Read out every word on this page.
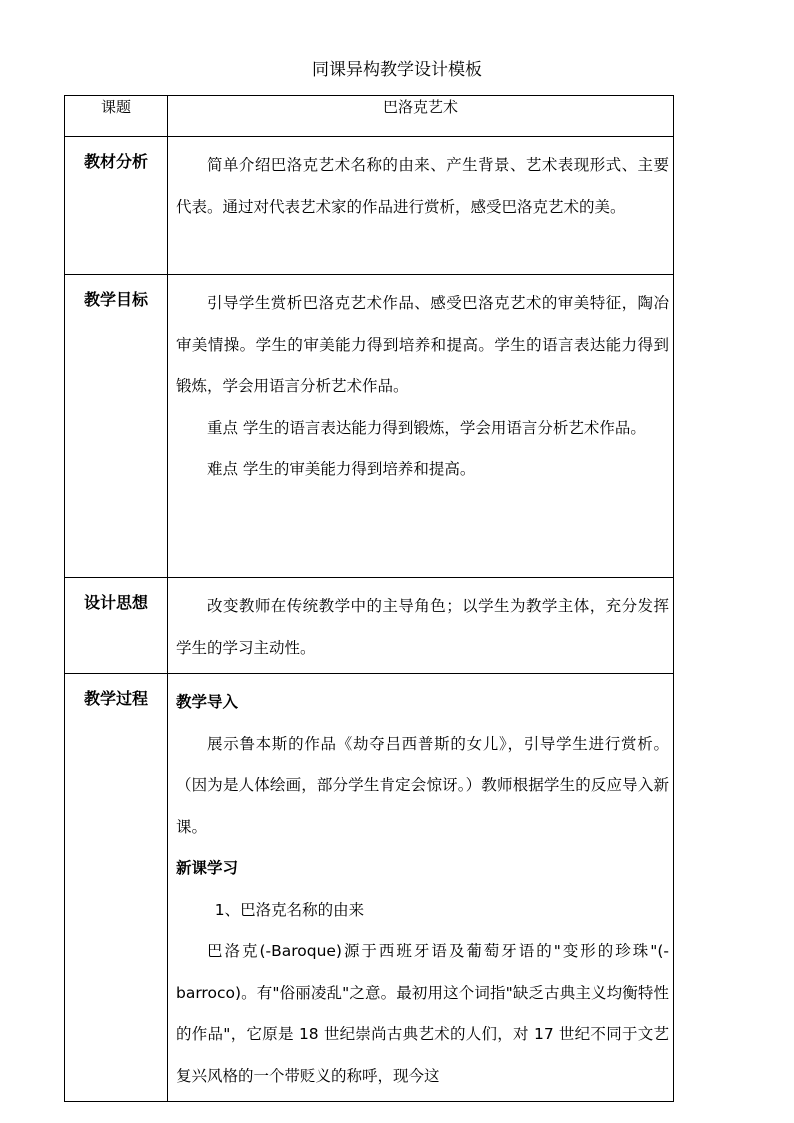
同课异构教学设计模板
课题	巴洛克艺术
教材分析	简单介绍巴洛克艺术名称的由来、产生背景、艺术表现形式、主要代表。通过对代表艺术家的作品进行赏析，感受巴洛克艺术的美。

教学目标	引导学生赏析巴洛克艺术作品、感受巴洛克艺术的审美特征，陶冶审美情操。学生的审美能力得到培养和提高。学生的语言表达能力得到锻炼，学会用语言分析艺术作品。

重点 学生的语言表达能力得到锻炼，学会用语言分析艺术作品。

难点 学生的审美能力得到培养和提高。

设计思想	改变教师在传统教学中的主导角色；以学生为教学主体，充分发挥学生的学习主动性。

教学过程	教学导入

展示鲁本斯的作品《劫夺吕西普斯的女儿》，引导学生进行赏析。（因为是人体绘画，部分学生肯定会惊讶。）教师根据学生的反应导入新课。

新课学习

1、巴洛克名称的由来

巴洛克(-Baroque)源于西班牙语及葡萄牙语的"变形的珍珠"(-barroco)。有"俗丽凌乱"之意。最初用这个词指"缺乏古典主义均衡特性的作品"，它原是 18 世纪崇尚古典艺术的人们，对 17 世纪不同于文艺复兴风格的一个带贬义的称呼，现今这
